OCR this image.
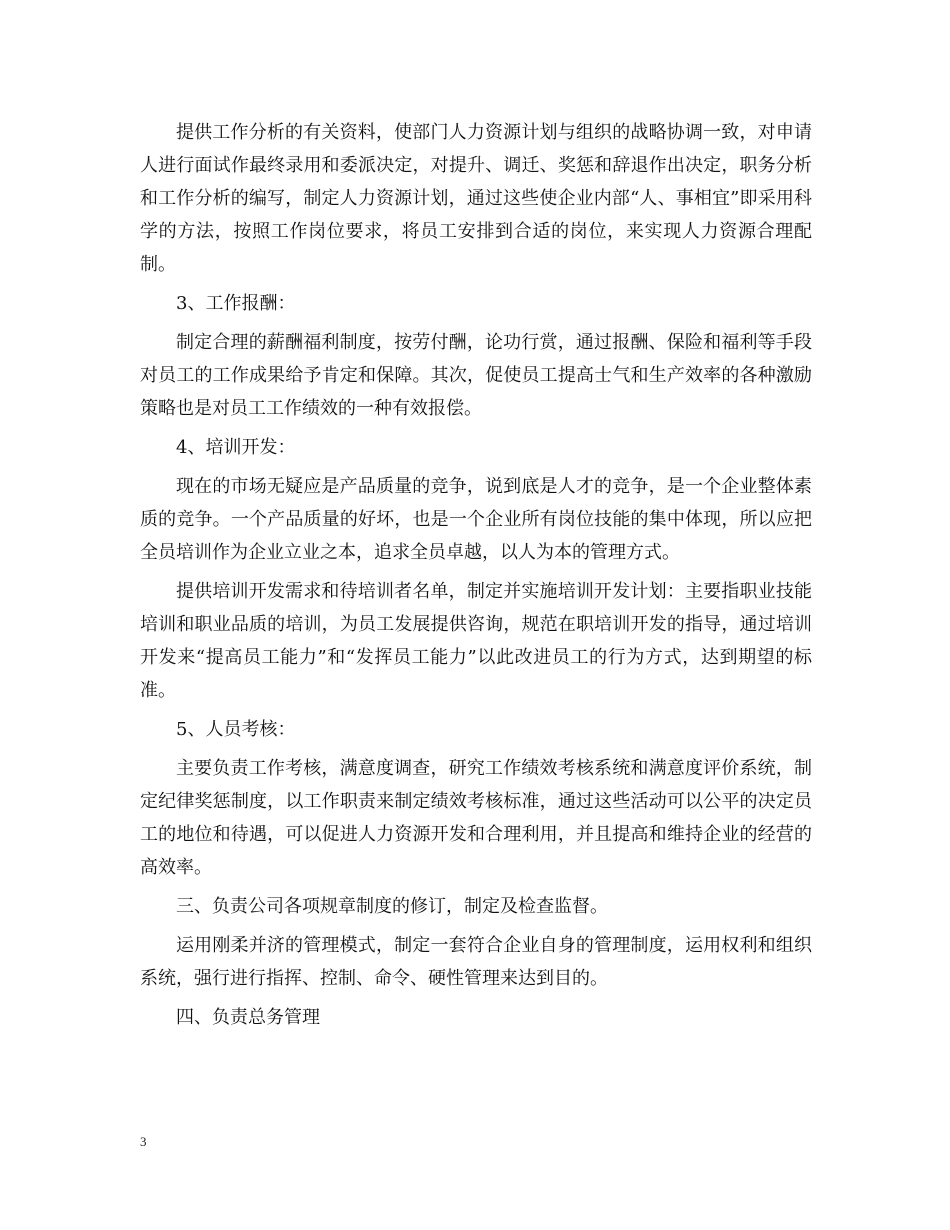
提供工作分析的有关资料，使部门人力资源计划与组织的战略协调一致，对申请人进行面试作最终录用和委派决定，对提升、调迁、奖惩和辞退作出决定，职务分析和工作分析的编写，制定人力资源计划，通过这些使企业内部“人、事相宜”即采用科学的方法，按照工作岗位要求，将员工安排到合适的岗位，来实现人力资源合理配制。

3、工作报酬：

制定合理的薪酬福利制度，按劳付酬，论功行赏，通过报酬、保险和福利等手段对员工的工作成果给予肯定和保障。其次，促使员工提高士气和生产效率的各种激励策略也是对员工工作绩效的一种有效报偿。

4、培训开发：

现在的市场无疑应是产品质量的竞争，说到底是人才的竞争，是一个企业整体素质的竞争。一个产品质量的好坏，也是一个企业所有岗位技能的集中体现，所以应把全员培训作为企业立业之本，追求全员卓越，以人为本的管理方式。

提供培训开发需求和待培训者名单，制定并实施培训开发计划：主要指职业技能培训和职业品质的培训，为员工发展提供咨询，规范在职培训开发的指导，通过培训开发来“提高员工能力”和“发挥员工能力”以此改进员工的行为方式，达到期望的标准。

5、人员考核：

主要负责工作考核，满意度调查，研究工作绩效考核系统和满意度评价系统，制定纪律奖惩制度，以工作职责来制定绩效考核标准，通过这些活动可以公平的决定员工的地位和待遇，可以促进人力资源开发和合理利用，并且提高和维持企业的经营的高效率。

三、负责公司各项规章制度的修订，制定及检查监督。

运用刚柔并济的管理模式，制定一套符合企业自身的管理制度，运用权利和组织系统，强行进行指挥、控制、命令、硬性管理来达到目的。

四、负责总务管理

3
